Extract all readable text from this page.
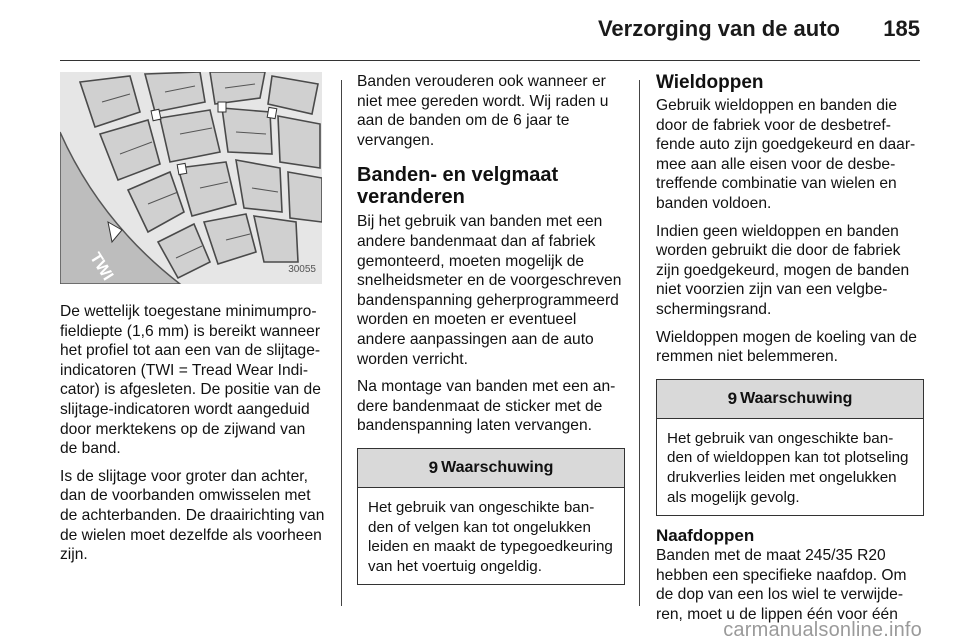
Verzorging van de auto 185
TWI	30055

De wettelijk toegestane minimumprofieldiepte (1,6 mm) is bereikt wanneer het profiel tot aan een van de slijtage-indicatoren (TWI = Tread Wear Indicator) is afgesleten. De positie van de slijtage-indicatoren wordt aangeduid door merktekens op de zijwand van de band.

Is de slijtage voor groter dan achter, dan de voorbanden omwisselen met de achterbanden. De draairichting van de wielen moet dezelfde als voorheen zijn.

Banden verouderen ook wanneer er niet mee gereden wordt. Wij raden u aan de banden om de 6 jaar te vervangen.

Banden- en velgmaat veranderen

Bij het gebruik van banden met een andere bandenmaat dan af fabriek gemonteerd, moeten mogelijk de snelheidsmeter en de voorgeschreven bandenspanning geherprogrammeerd worden en moeten er eventueel andere aanpassingen aan de auto worden verricht.

Na montage van banden met een andere bandenmaat de sticker met de bandenspanning laten vervangen.

9 Waarschuwing
Het gebruik van ongeschikte banden of velgen kan tot ongelukken leiden en maakt de typegoedkeuring van het voertuig ongeldig.
Wieldoppen

Gebruik wieldoppen en banden die door de fabriek voor de desbetreffende auto zijn goedgekeurd en daarmee aan alle eisen voor de desbetreffende combinatie van wielen en banden voldoen.

Indien geen wieldoppen en banden worden gebruikt die door de fabriek zijn goedgekeurd, mogen de banden niet voorzien zijn van een velgbeschermingsrand.

Wieldoppen mogen de koeling van de remmen niet belemmeren.

9 Waarschuwing
Het gebruik van ongeschikte banden of wieldoppen kan tot plotseling drukverlies leiden met ongelukken als mogelijk gevolg.
Naafdoppen

Banden met de maat 245/35 R20 hebben een specifieke naafdop. Om de dop van een los wiel te verwijderen, moet u de lippen één voor één

carmanualsonline.info
